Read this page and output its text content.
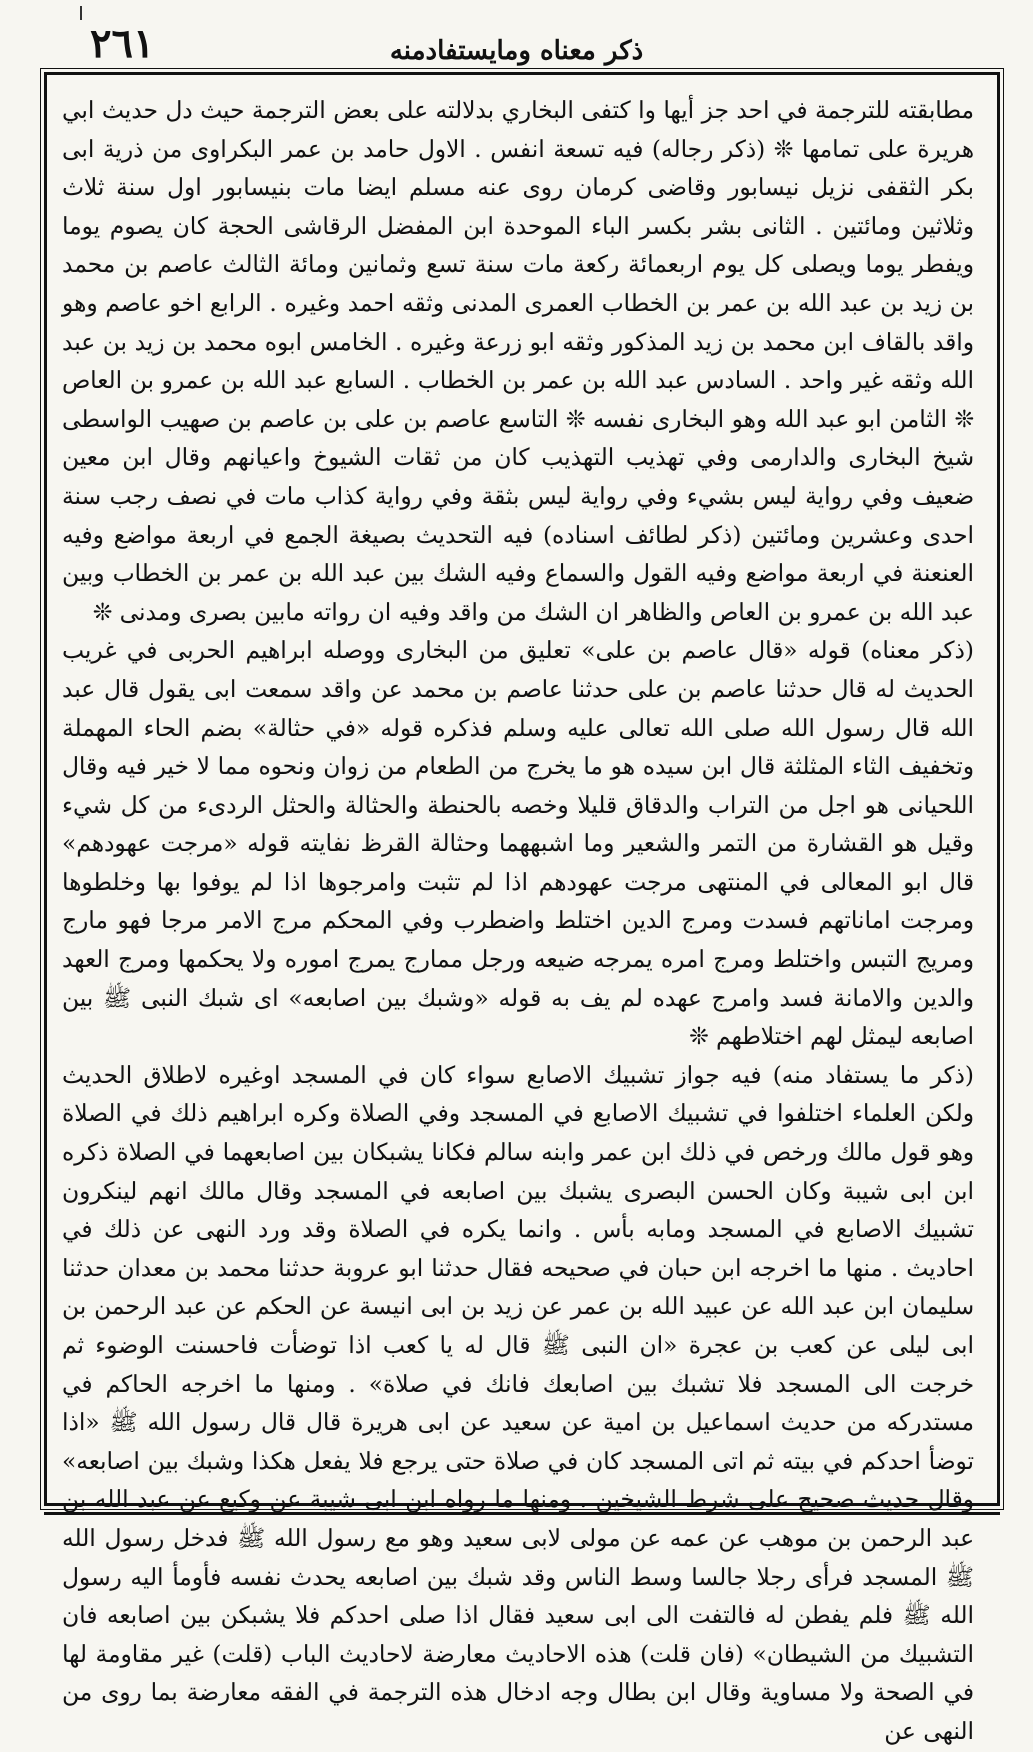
٢٦١	ذكر معناه ومايستفادمنه

مطابقته للترجمة في احد جز أيها وا كتفى البخاري بدلالته على بعض الترجمة حيث دل حديث ابي هريرة على تمامها ❊ (ذكر رجاله) فيه تسعة انفس . الاول حامد بن عمر البكراوى من ذرية ابى بكر الثقفى نزيل نيسابور وقاضى كرمان روى عنه مسلم ايضا مات بنيسابور اول سنة ثلاث وثلاثين ومائتين . الثانى بشر بكسر الباء الموحدة ابن المفضل الرقاشى الحجة كان يصوم يوما ويفطر يوما ويصلى كل يوم اربعمائة ركعة مات سنة تسع وثمانين ومائة الثالث عاصم بن محمد بن زيد بن عبد الله بن عمر بن الخطاب العمرى المدنى وثقه احمد وغيره . الرابع اخو عاصم وهو واقد بالقاف ابن محمد بن زيد المذكور وثقه ابو زرعة وغيره . الخامس ابوه محمد بن زيد بن عبد الله وثقه غير واحد . السادس عبد الله بن عمر بن الخطاب . السابع عبد الله بن عمرو بن العاص ❊ الثامن ابو عبد الله وهو البخارى نفسه ❊ التاسع عاصم بن على بن عاصم بن صهيب الواسطى شيخ البخارى والدارمى وفي تهذيب التهذيب كان من ثقات الشيوخ واعيانهم وقال ابن معين ضعيف وفي رواية ليس بشيء وفي رواية ليس بثقة وفي رواية كذاب مات في نصف رجب سنة احدى وعشرين ومائتين (ذكر لطائف اسناده) فيه التحديث بصيغة الجمع في اربعة مواضع وفيه العنعنة في اربعة مواضع وفيه القول والسماع وفيه الشك بين عبد الله بن عمر بن الخطاب وبين عبد الله بن عمرو بن العاص والظاهر ان الشك من واقد وفيه ان رواته مابين بصرى ومدنى ❊

(ذكر معناه) قوله «قال عاصم بن على» تعليق من البخارى ووصله ابراهيم الحربى في غريب الحديث له قال حدثنا عاصم بن على حدثنا عاصم بن محمد عن واقد سمعت ابى يقول قال عبد الله قال رسول الله صلى الله تعالى عليه وسلم فذكره قوله «في حثالة» بضم الحاء المهملة وتخفيف الثاء المثلثة قال ابن سيده هو ما يخرج من الطعام من زوان ونحوه مما لا خير فيه وقال اللحيانى هو اجل من التراب والدقاق قليلا وخصه بالحنطة والحثالة والحثل الردىء من كل شيء وقيل هو القشارة من التمر والشعير وما اشبههما وحثالة القرظ نفايته قوله «مرجت عهودهم» قال ابو المعالى في المنتهى مرجت عهودهم اذا لم تثبت وامرجوها اذا لم يوفوا بها وخلطوها ومرجت اماناتهم فسدت ومرج الدين اختلط واضطرب وفي المحكم مرج الامر مرجا فهو مارج ومريج التبس واختلط ومرج امره يمرجه ضيعه ورجل ممارج يمرج اموره ولا يحكمها ومرج العهد والدين والامانة فسد وامرج عهده لم يف به قوله «وشبك بين اصابعه» اى شبك النبى ﷺ بين اصابعه ليمثل لهم اختلاطهم ❊

(ذكر ما يستفاد منه) فيه جواز تشبيك الاصابع سواء كان في المسجد اوغيره لاطلاق الحديث ولكن العلماء اختلفوا في تشبيك الاصابع في المسجد وفي الصلاة وكره ابراهيم ذلك في الصلاة وهو قول مالك ورخص في ذلك ابن عمر وابنه سالم فكانا يشبكان بين اصابعهما في الصلاة ذكره ابن ابى شيبة وكان الحسن البصرى يشبك بين اصابعه في المسجد وقال مالك انهم لينكرون تشبيك الاصابع في المسجد ومابه بأس . وانما يكره في الصلاة وقد ورد النهى عن ذلك في احاديث . منها ما اخرجه ابن حبان في صحيحه فقال حدثنا ابو عروبة حدثنا محمد بن معدان حدثنا سليمان ابن عبد الله عن عبيد الله بن عمر عن زيد بن ابى انيسة عن الحكم عن عبد الرحمن بن ابى ليلى عن كعب بن عجرة «ان النبى ﷺ قال له يا كعب اذا توضأت فاحسنت الوضوء ثم خرجت الى المسجد فلا تشبك بين اصابعك فانك في صلاة» . ومنها ما اخرجه الحاكم في مستدركه من حديث اسماعيل بن امية عن سعيد عن ابى هريرة قال قال رسول الله ﷺ «اذا توضأ احدكم في بيته ثم اتى المسجد كان في صلاة حتى يرجع فلا يفعل هكذا وشبك بين اصابعه» وقال حديث صحيح على شرط الشيخين . ومنها ما رواه ابن ابى شيبة عن وكيع عن عبد الله بن عبد الرحمن بن موهب عن عمه عن مولى لابى سعيد وهو مع رسول الله ﷺ فدخل رسول الله ﷺ المسجد فرأى رجلا جالسا وسط الناس وقد شبك بين اصابعه يحدث نفسه فأومأ اليه رسول الله ﷺ فلم يفطن له فالتفت الى ابى سعيد فقال اذا صلى احدكم فلا يشبكن بين اصابعه فان التشبيك من الشيطان» (فان قلت) هذه الاحاديث معارضة لاحاديث الباب (قلت) غير مقاومة لها في الصحة ولا مساوية وقال ابن بطال وجه ادخال هذه الترجمة في الفقه معارضة بما روى من النهى عن
